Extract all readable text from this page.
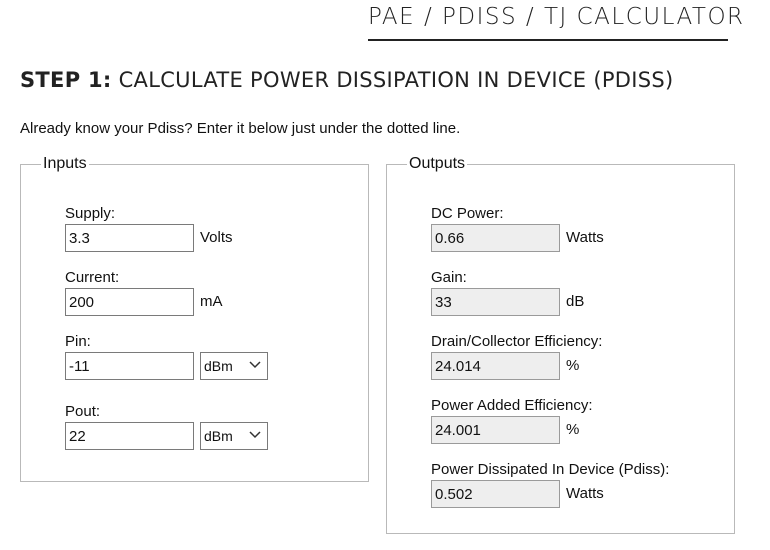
PAE / PDISS / TJ CALCULATOR
STEP 1: CALCULATE POWER DISSIPATION IN DEVICE (PDISS)
Already know your Pdiss? Enter it below just under the dotted line.
Inputs
Supply:
3.3
Volts
Current:
200
mA
Pin:
-11
dBm
Pout:
22
dBm
Outputs
DC Power:
0.66
Watts
Gain:
33
dB
Drain/Collector Efficiency:
24.014
%
Power Added Efficiency:
24.001
%
Power Dissipated In Device (Pdiss):
0.502
Watts
